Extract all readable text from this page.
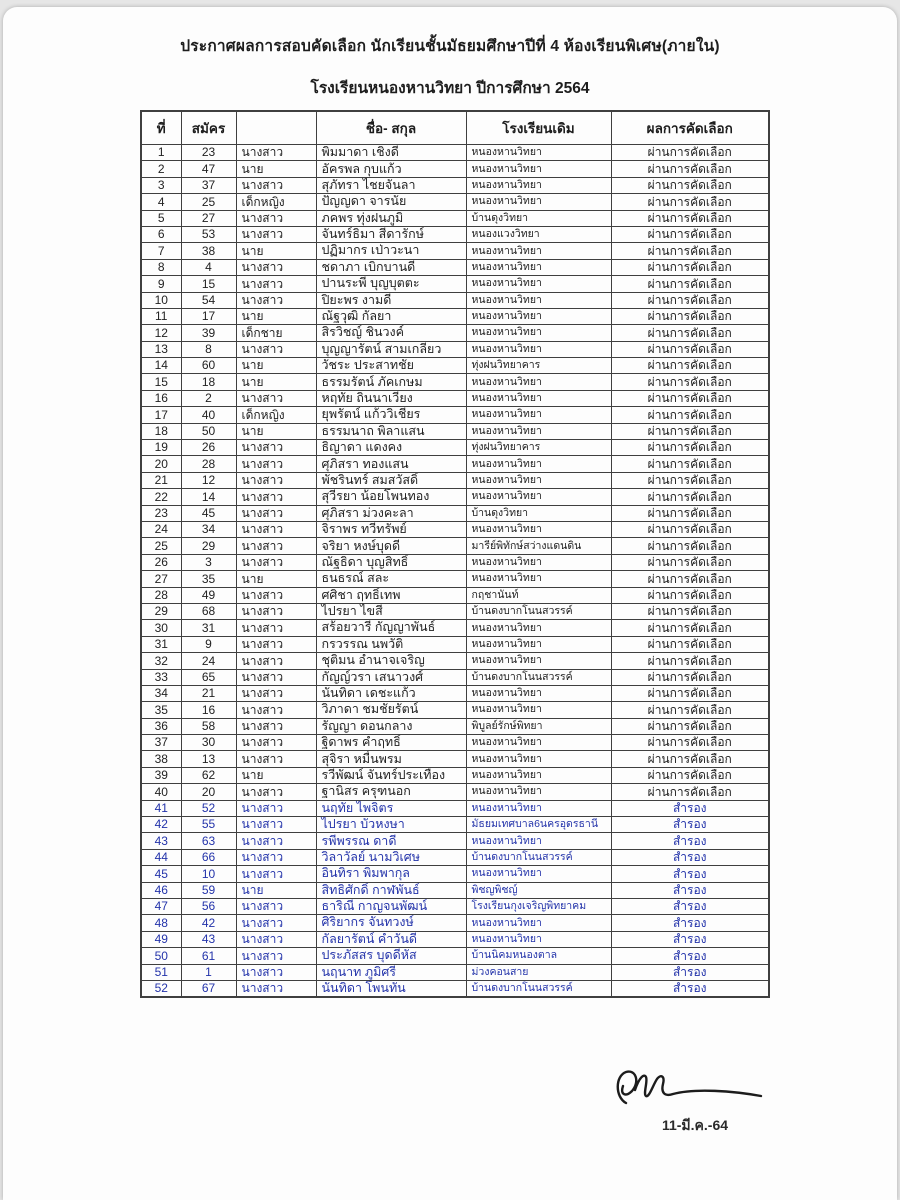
ประกาศผลการสอบคัดเลือก นักเรียนชั้นมัธยมศึกษาปีที่ 4 ห้องเรียนพิเศษ(ภายใน)
โรงเรียนหนองหานวิทยา ปีการศึกษา 2564
ที่	สมัคร		ชื่อ- สกุล	โรงเรียนเดิม	ผลการคัดเลือก
1	23	นางสาว	พิมมาดา เชิงดี	หนองหานวิทยา	ผ่านการคัดเลือก
2	47	นาย	อัครพล กุบแก้ว	หนองหานวิทยา	ผ่านการคัดเลือก
3	37	นางสาว	สุภัทรา ไชยจันลา	หนองหานวิทยา	ผ่านการคัดเลือก
4	25	เด็กหญิง	ปัญญดา จารนัย	หนองหานวิทยา	ผ่านการคัดเลือก
5	27	นางสาว	ภคพร ทุ่งฝนภูมิ	บ้านดุงวิทยา	ผ่านการคัดเลือก
6	53	นางสาว	จันทร์ธิมา สีดารักษ์	หนองแวงวิทยา	ผ่านการคัดเลือก
7	38	นาย	ปฏิมากร เป่าวะนา	หนองหานวิทยา	ผ่านการคัดเลือก
8	4	นางสาว	ชดาภา เบิกบานดี	หนองหานวิทยา	ผ่านการคัดเลือก
9	15	นางสาว	ปานระพี บุญบุตตะ	หนองหานวิทยา	ผ่านการคัดเลือก
10	54	นางสาว	ปิยะพร งามดี	หนองหานวิทยา	ผ่านการคัดเลือก
11	17	นาย	ณัฐวุฒิ กัลยา	หนองหานวิทยา	ผ่านการคัดเลือก
12	39	เด็กชาย	สิรวิชญ์ ชินวงค์	หนองหานวิทยา	ผ่านการคัดเลือก
13	8	นางสาว	บุญญารัตน์ สามเกลียว	หนองหานวิทยา	ผ่านการคัดเลือก
14	60	นาย	วัชระ ประสาทชัย	ทุ่งฝนวิทยาคาร	ผ่านการคัดเลือก
15	18	นาย	ธรรมรัตน์ ภัคเกษม	หนองหานวิทยา	ผ่านการคัดเลือก
16	2	นางสาว	หฤทัย ถินนาเวียง	หนองหานวิทยา	ผ่านการคัดเลือก
17	40	เด็กหญิง	ยุพรัตน์ แก้ววิเชียร	หนองหานวิทยา	ผ่านการคัดเลือก
18	50	นาย	ธรรมนาถ พิลาแสน	หนองหานวิทยา	ผ่านการคัดเลือก
19	26	นางสาว	ธิญาดา แดงคง	ทุ่งฝนวิทยาคาร	ผ่านการคัดเลือก
20	28	นางสาว	ศุภิสรา ทองแสน	หนองหานวิทยา	ผ่านการคัดเลือก
21	12	นางสาว	พัชรินทร์ สมสวัสดิ์	หนองหานวิทยา	ผ่านการคัดเลือก
22	14	นางสาว	สุวีรยา น้อยโพนทอง	หนองหานวิทยา	ผ่านการคัดเลือก
23	45	นางสาว	ศุภิสรา ม่วงคะลา	บ้านดุงวิทยา	ผ่านการคัดเลือก
24	34	นางสาว	จิราพร ทวีทรัพย์	หนองหานวิทยา	ผ่านการคัดเลือก
25	29	นางสาว	จริยา หงษ์บุดดี	มารีย์พิทักษ์สว่างแดนดิน	ผ่านการคัดเลือก
26	3	นางสาว	ณัฐธิดา บุญสิทธิ์	หนองหานวิทยา	ผ่านการคัดเลือก
27	35	นาย	ธนธรณ์ สละ	หนองหานวิทยา	ผ่านการคัดเลือก
28	49	นางสาว	ศศิชา ฤทธิ์เทพ	กฤชานันท์	ผ่านการคัดเลือก
29	68	นางสาว	ไปรยา ไขสี	บ้านดงบากโนนสวรรค์	ผ่านการคัดเลือก
30	31	นางสาว	สร้อยวารี กัญญาพันธ์	หนองหานวิทยา	ผ่านการคัดเลือก
31	9	นางสาว	กรวรรณ นพวัติ	หนองหานวิทยา	ผ่านการคัดเลือก
32	24	นางสาว	ชุติมน อำนาจเจริญ	หนองหานวิทยา	ผ่านการคัดเลือก
33	65	นางสาว	กัญญ์วรา เสนาวงศ์	บ้านดงบากโนนสวรรค์	ผ่านการคัดเลือก
34	21	นางสาว	นันทิดา เดชะแก้ว	หนองหานวิทยา	ผ่านการคัดเลือก
35	16	นางสาว	วิภาดา ชมชัยรัตน์	หนองหานวิทยา	ผ่านการคัดเลือก
36	58	นางสาว	รัญญา ดอนกลาง	พิบูลย์รักษ์พิทยา	ผ่านการคัดเลือก
37	30	นางสาว	ฐิดาพร คำฤทธิ์	หนองหานวิทยา	ผ่านการคัดเลือก
38	13	นางสาว	สุจิรา หมื่นพรม	หนองหานวิทยา	ผ่านการคัดเลือก
39	62	นาย	รวีพัฒน์ จันทร์ประเทือง	หนองหานวิทยา	ผ่านการคัดเลือก
40	20	นางสาว	ฐานิสร ครุฑนอก	หนองหานวิทยา	ผ่านการคัดเลือก
41	52	นางสาว	นฤทัย ไพจิตร	หนองหานวิทยา	สำรอง
42	55	นางสาว	ไปรยา บัวหงษา	มัธยมเทศบาล6นครอุดรธานี	สำรอง
43	63	นางสาว	รพีพรรณ ดาดี	หนองหานวิทยา	สำรอง
44	66	นางสาว	วิลาวัลย์ นามวิเศษ	บ้านดงบากโนนสวรรค์	สำรอง
45	10	นางสาว	อินทิรา พิมพากุล	หนองหานวิทยา	สำรอง
46	59	นาย	สิทธิศักดิ์ กาฬพันธ์	พิชญพิชญ์	สำรอง
47	56	นางสาว	ธาริณี กาญจนพัฒน์	โรงเรียนกุงเจริญพิทยาคม	สำรอง
48	42	นางสาว	ศิริยากร จันทวงษ์	หนองหานวิทยา	สำรอง
49	43	นางสาว	กัลยารัตน์ คำวันดี	หนองหานวิทยา	สำรอง
50	61	นางสาว	ประภัสสร บุดดีหัส	บ้านนิคมหนองตาล	สำรอง
51	1	นางสาว	นฤนาท ภูมิศรี	ม่วงคอนสาย	สำรอง
52	67	นางสาว	นันทิดา โพนทัน	บ้านดงบากโนนสวรรค์	สำรอง
11-มี.ค.-64
